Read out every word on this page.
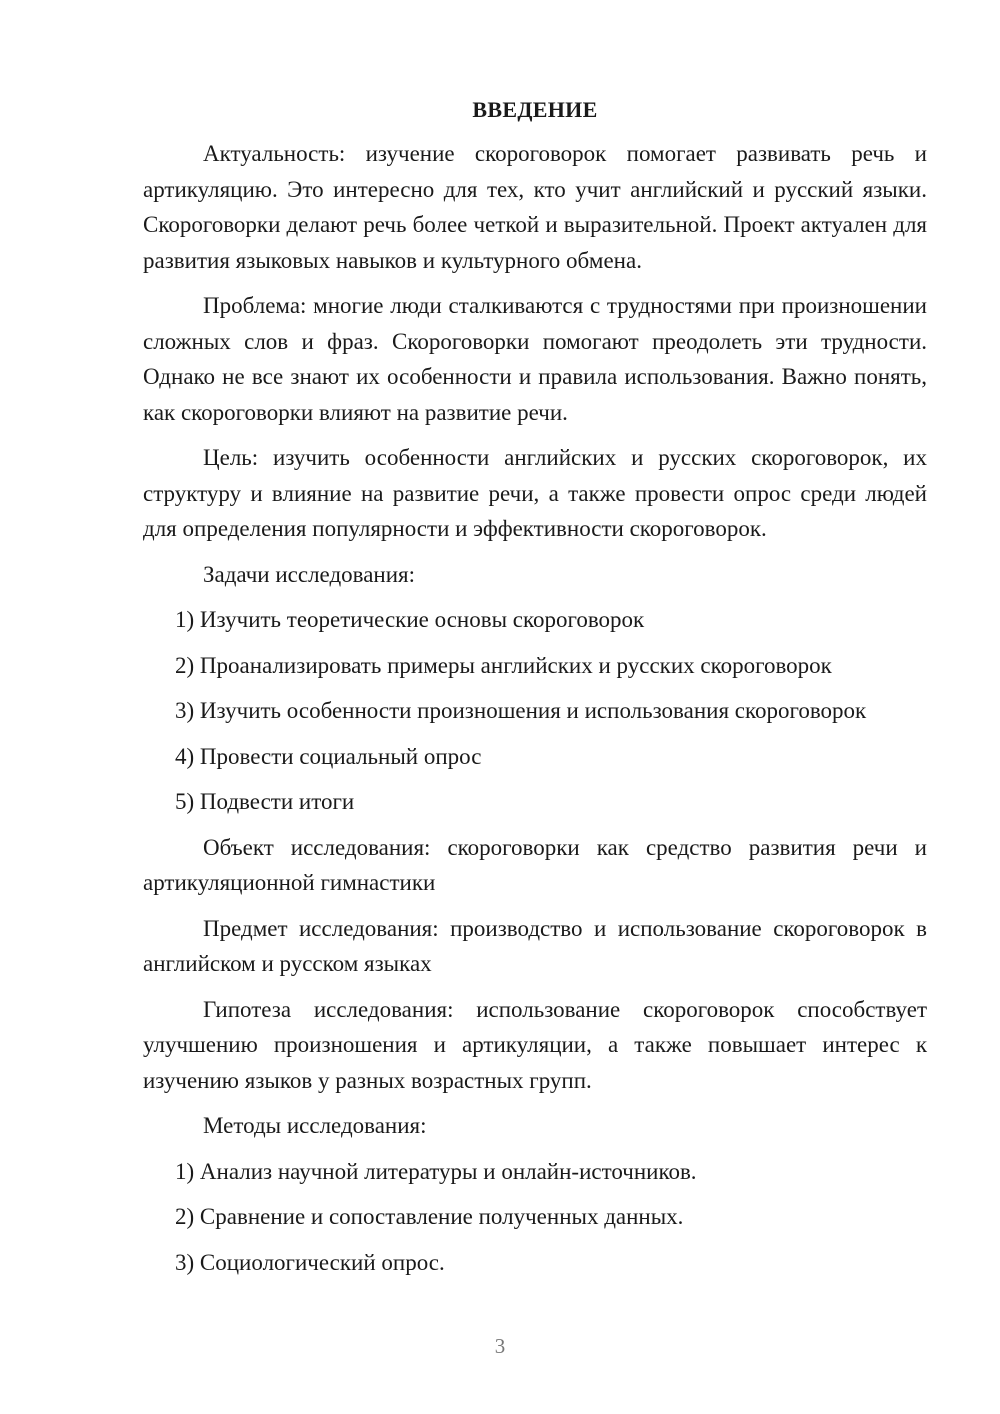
ВВЕДЕНИЕ

Актуальность: изучение скороговорок помогает развивать речь и артикуляцию. Это интересно для тех, кто учит английский и русский языки. Скороговорки делают речь более четкой и выразительной. Проект актуален для развития языковых навыков и культурного обмена.

Проблема: многие люди сталкиваются с трудностями при произношении сложных слов и фраз. Скороговорки помогают преодолеть эти трудности. Однако не все знают их особенности и правила использования. Важно понять, как скороговорки влияют на развитие речи.

Цель: изучить особенности английских и русских скороговорок, их структуру и влияние на развитие речи, а также провести опрос среди людей для определения популярности и эффективности скороговорок.

Задачи исследования:
1) Изучить теоретические основы скороговорок
2) Проанализировать примеры английских и русских скороговорок
3) Изучить особенности произношения и использования скороговорок
4) Провести социальный опрос
5) Подвести итоги

Объект исследования: скороговорки как средство развития речи и артикуляционной гимнастики

Предмет исследования: производство и использование скороговорок в английском и русском языках

Гипотеза исследования: использование скороговорок способствует улучшению произношения и артикуляции, а также повышает интерес к изучению языков у разных возрастных групп.

Методы исследования:
1) Анализ научной литературы и онлайн-источников.
2) Сравнение и сопоставление полученных данных.
3) Социологический опрос.
3
